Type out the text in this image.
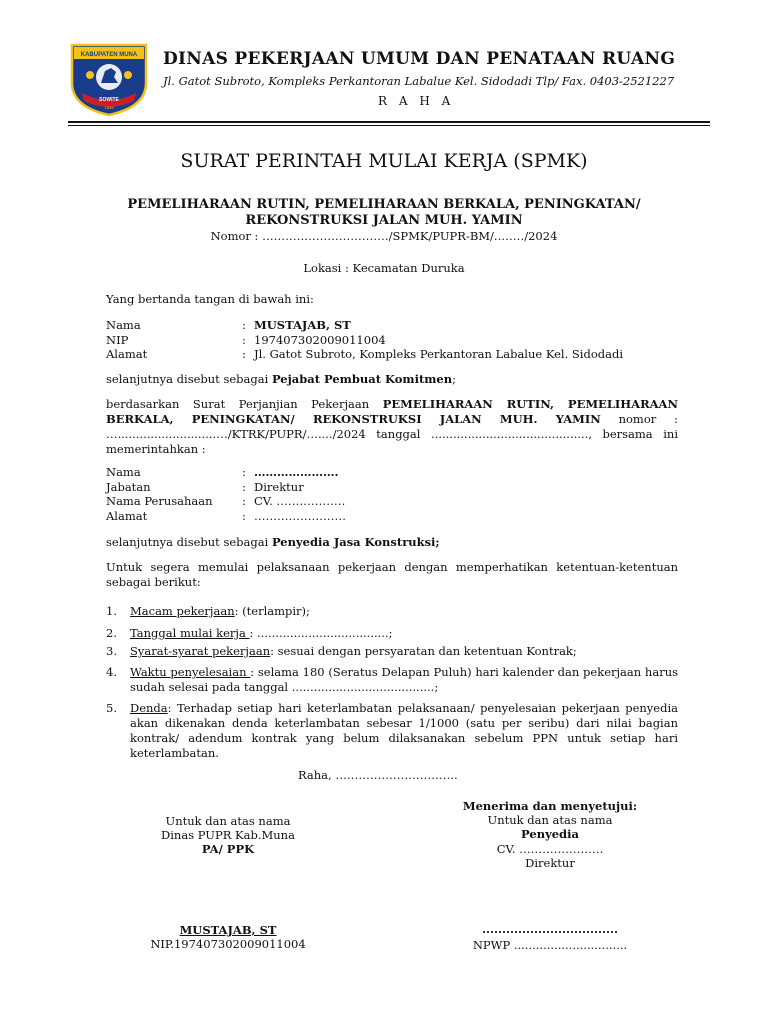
KABUPATEN MUNA
SOWITE
1959
DINAS PEKERJAAN UMUM DAN PENATAAN RUANG
Jl. Gatot Subroto, Kompleks Perkantoran Labalue Kel. Sidodadi Tlp/ Fax. 0403-2521227
R A H A
SURAT PERINTAH MULAI KERJA (SPMK)
PEMELIHARAAN RUTIN, PEMELIHARAAN BERKALA, PENINGKATAN/
REKONSTRUKSI JALAN MUH. YAMIN
Nomor : ……………………………/SPMK/PUPR-BM/..……/2024
Lokasi : Kecamatan Duruka
Yang bertanda tangan di bawah ini:
Nama	: MUSTAJAB, ST
NIP	: 197407302009011004
Alamat	: Jl. Gatot Subroto, Kompleks Perkantoran Labalue Kel. Sidodadi
selanjutnya disebut sebagai Pejabat Pembuat Komitmen;
berdasarkan Surat Perjanjian Pekerjaan PEMELIHARAAN RUTIN, PEMELIHARAAN BERKALA, PENINGKATAN/ REKONSTRUKSI JALAN MUH. YAMIN nomor : …...........................…/KTRK/PUPR/…..../2024 tanggal ..........................................., bersama ini memerintahkan :
Nama	: ………………….
Jabatan	: Direktur
Nama Perusahaan	: CV. ………………
Alamat	: ……………………
selanjutnya disebut sebagai Penyedia Jasa Konstruksi;
Untuk segera memulai pelaksanaan pekerjaan dengan memperhatikan ketentuan-ketentuan sebagai berikut:
1. Macam pekerjaan: (terlampir);
2. Tanggal mulai kerja : ....................................;
3. Syarat-syarat pekerjaan: sesuai dengan persyaratan dan ketentuan Kontrak;
4. Waktu penyelesaian : selama 180 (Seratus Delapan Puluh) hari kalender dan pekerjaan harus sudah selesai pada tanggal .......................................;
5. Denda: Terhadap setiap hari keterlambatan pelaksanaan/ penyelesaian pekerjaan penyedia akan dikenakan denda keterlambatan sebesar 1/1000 (satu per seribu) dari nilai bagian kontrak/ adendum kontrak yang belum dilaksanakan sebelum PPN untuk setiap hari keterlambatan.
Raha, …………………………..
Untuk dan atas nama
Dinas PUPR Kab.Muna
PA/ PPK
MUSTAJAB, ST
NIP.197407302009011004
Menerima dan menyetujui:
Untuk dan atas nama
Penyedia
CV. ………………….
Direktur
..................................
NPWP ...............................
